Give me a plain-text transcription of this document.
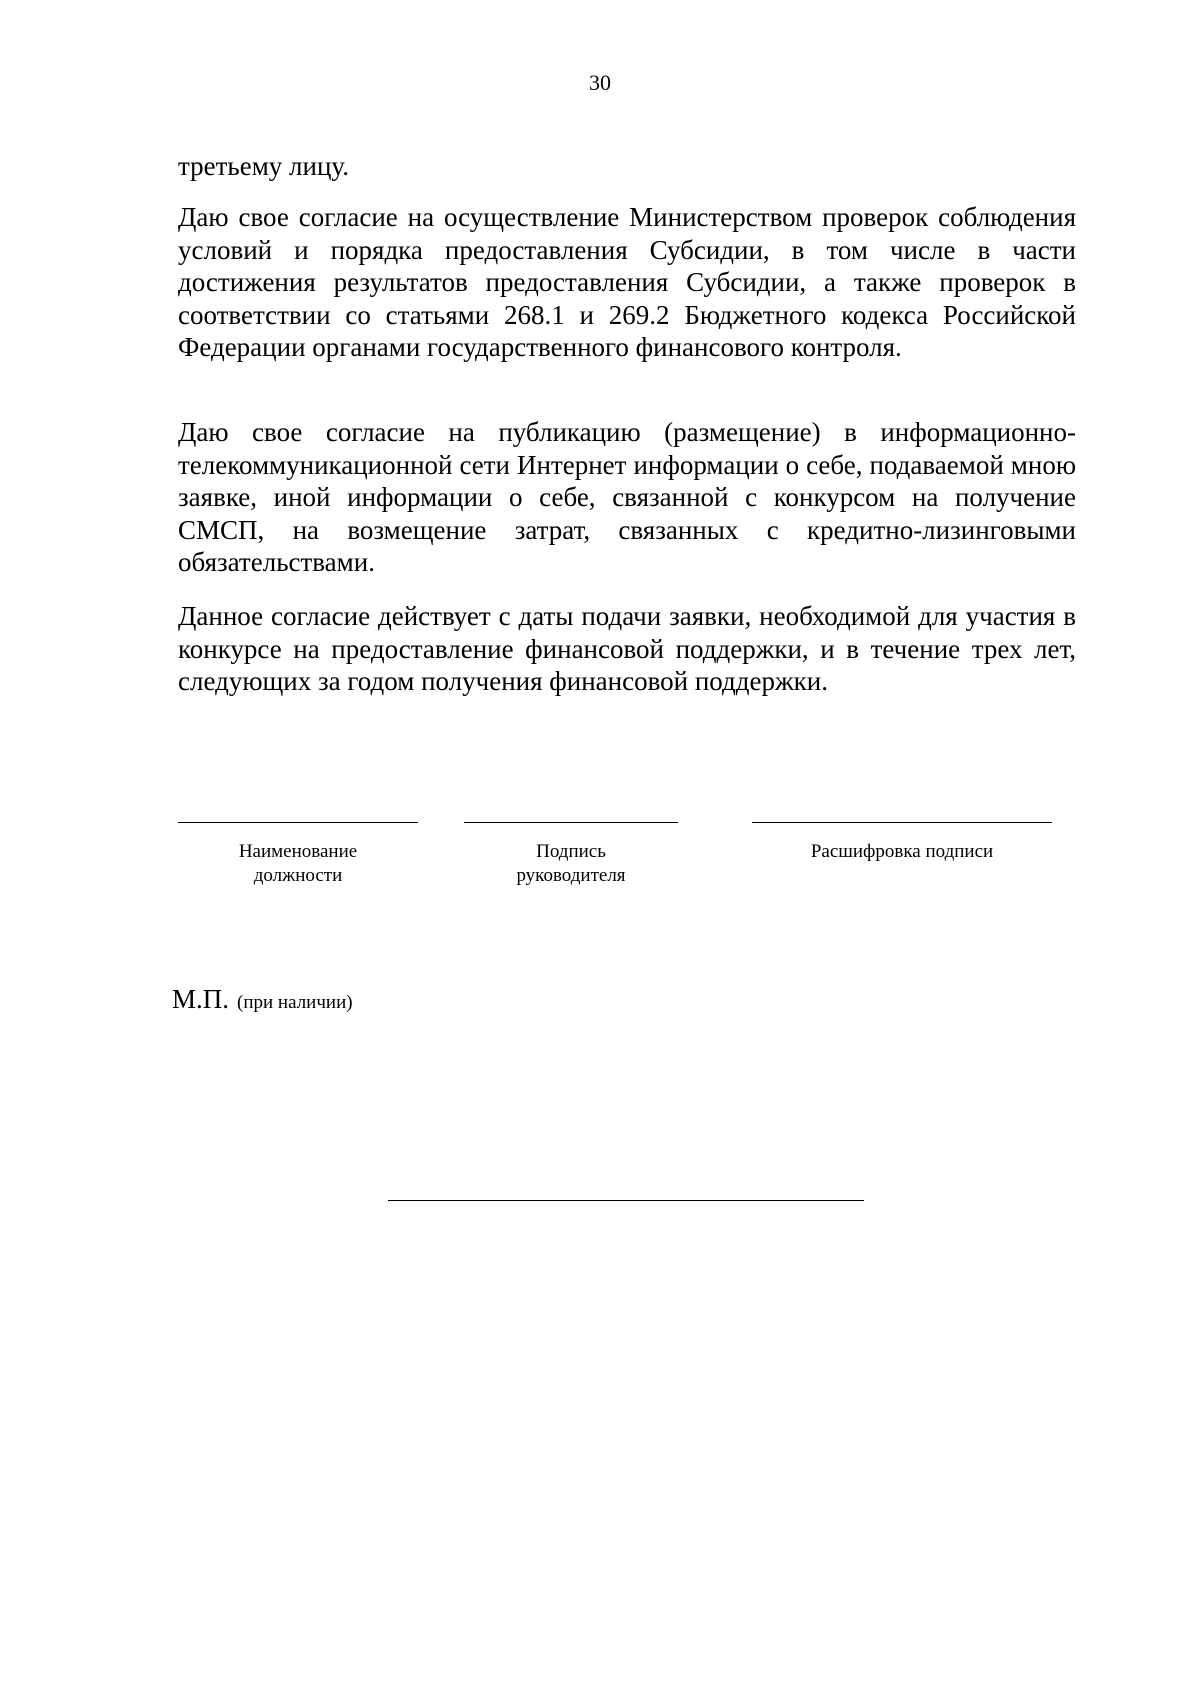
30

третьему лицу.

Даю свое согласие на осуществление Министерством проверок соблюдения условий и порядка предоставления Субсидии, в том числе в части достижения результатов предоставления Субсидии, а также проверок в соответствии со статьями 268.1 и 269.2 Бюджетного кодекса Российской Федерации органами государственного финансового контроля.

Даю свое согласие на публикацию (размещение) в информационно-телекоммуникационной сети Интернет информации о себе, подаваемой мною заявке, иной информации о себе, связанной с конкурсом на получение СМСП, на возмещение затрат, связанных с кредитно-лизинговыми обязательствами.

Данное согласие действует с даты подачи заявки, необходимой для участия в конкурсе на предоставление финансовой поддержки, и в течение трех лет, следующих за годом получения финансовой поддержки.

Наименование
должности
Подпись
руководителя
Расшифровка подписи
М.П. (при наличии)
